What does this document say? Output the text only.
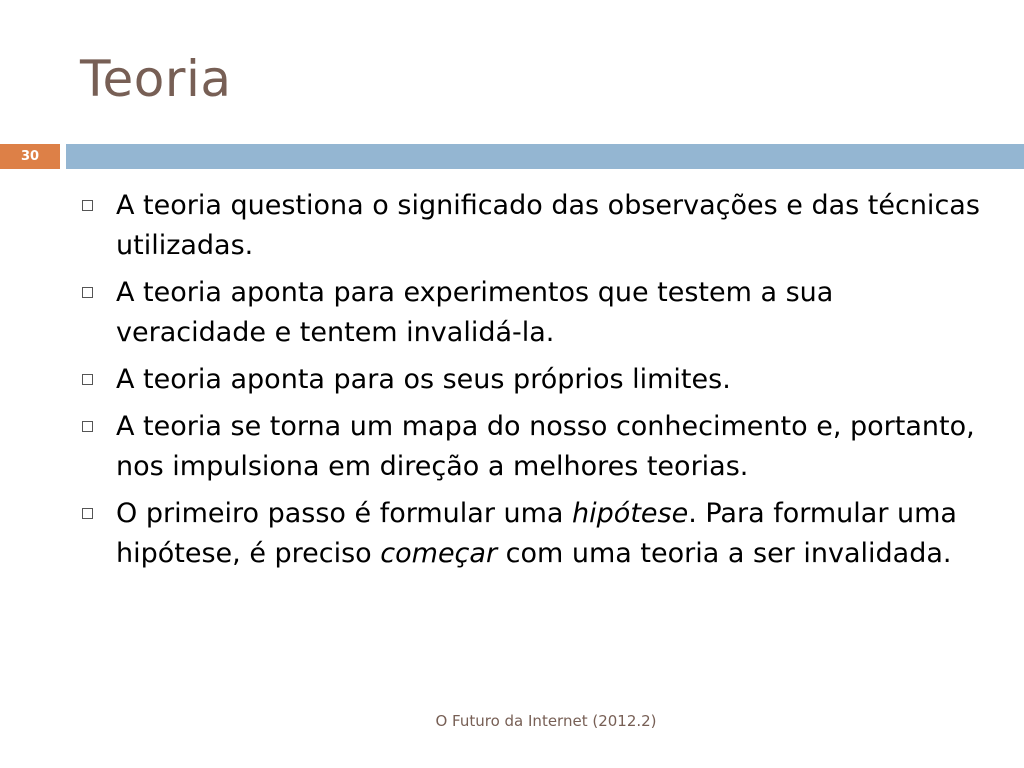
Teoria
30
A teoria questiona o significado das observações e das técnicas utilizadas.
A teoria aponta para experimentos que testem a sua veracidade e tentem invalidá-la.
A teoria aponta para os seus próprios limites.
A teoria se torna um mapa do nosso conhecimento e, portanto, nos impulsiona em direção a melhores teorias.
O primeiro passo é formular uma hipótese. Para formular uma hipótese, é preciso começar com uma teoria a ser invalidada.
O Futuro da Internet (2012.2)
